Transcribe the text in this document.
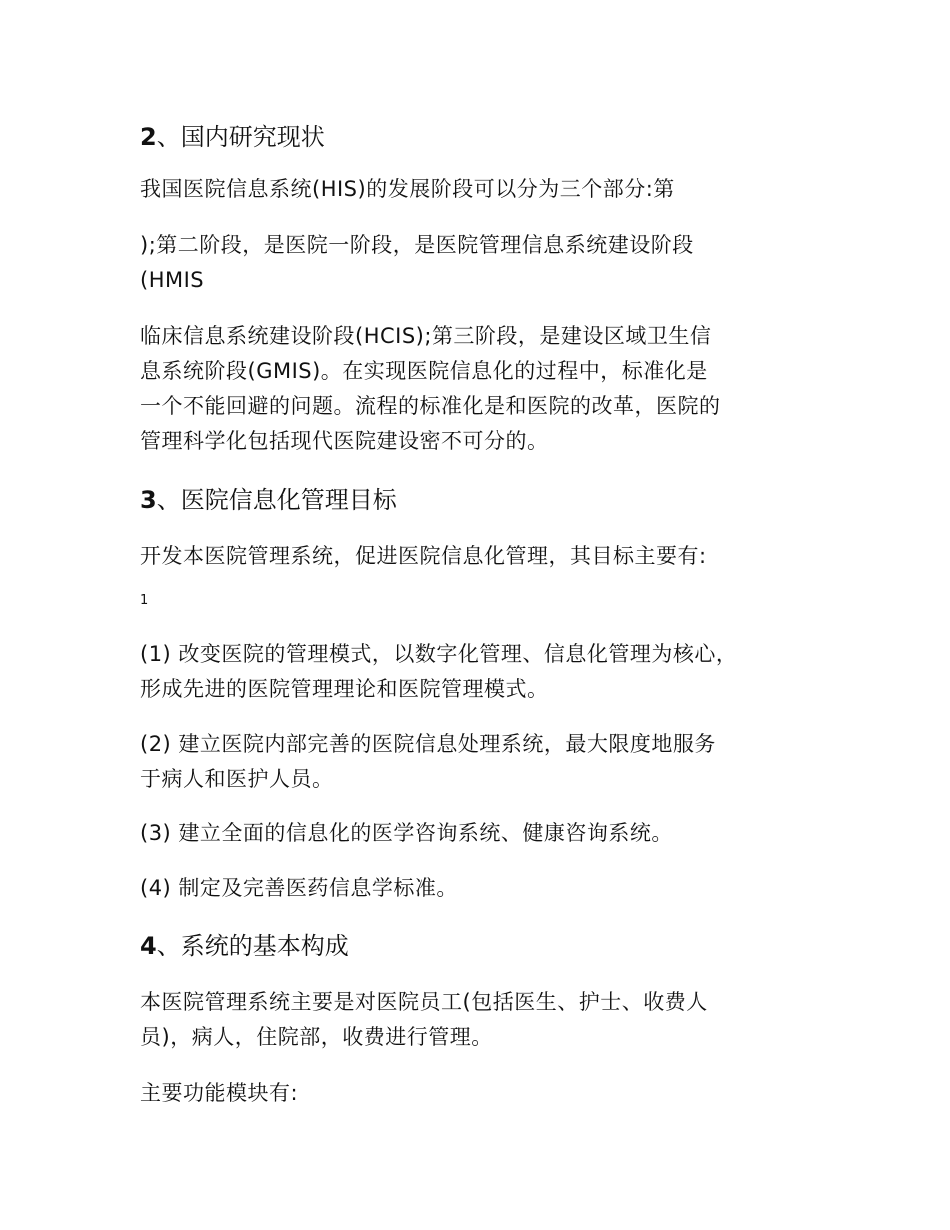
2、国内研究现状

我国医院信息系统(HIS)的发展阶段可以分为三个部分:第

);第二阶段，是医院一阶段，是医院管理信息系统建设阶段
(HMIS

临床信息系统建设阶段(HCIS);第三阶段，是建设区域卫生信
息系统阶段(GMIS)。在实现医院信息化的过程中，标准化是
一个不能回避的问题。流程的标准化是和医院的改革，医院的
管理科学化包括现代医院建设密不可分的。

3、医院信息化管理目标

开发本医院管理系统，促进医院信息化管理，其目标主要有:

1

(1) 改变医院的管理模式，以数字化管理、信息化管理为核心，
形成先进的医院管理理论和医院管理模式。

(2) 建立医院内部完善的医院信息处理系统，最大限度地服务
于病人和医护人员。

(3) 建立全面的信息化的医学咨询系统、健康咨询系统。

(4) 制定及完善医药信息学标准。

4、系统的基本构成

本医院管理系统主要是对医院员工(包括医生、护士、收费人
员)，病人，住院部，收费进行管理。

主要功能模块有:
